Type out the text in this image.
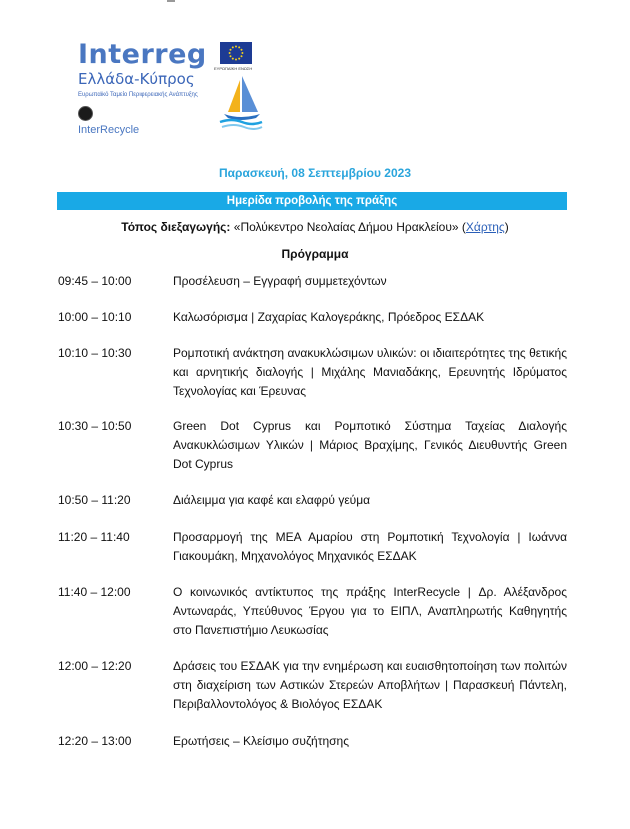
Interreg ΕΥΡΩΠΑΪΚΗ ΕΝΩΣΗ
Ελλάδα-Κύπρος
Ευρωπαϊκό Ταμείο Περιφερειακής Ανάπτυξης
InterRecycle
Παρασκευή, 08 Σεπτεμβρίου 2023
Ημερίδα προβολής της πράξης
Τόπος διεξαγωγής: «Πολύκεντρο Νεολαίας Δήμου Ηρακλείου» (Χάρτης)
Πρόγραμμα
09:45 – 10:00	Προσέλευση – Εγγραφή συμμετεχόντων
10:00 – 10:10	Καλωσόρισμα | Ζαχαρίας Καλογεράκης, Πρόεδρος ΕΣΔΑΚ
10:10 – 10:30	Ρομποτική ανάκτηση ανακυκλώσιμων υλικών: οι ιδιαιτερότητες της θετικής και αρνητικής διαλογής | Μιχάλης Μανιαδάκης, Ερευνητής Ιδρύματος Τεχνολογίας και Έρευνας
10:30 – 10:50	Green Dot Cyprus και Ρομποτικό Σύστημα Ταχείας Διαλογής Ανακυκλώσιμων Υλικών | Μάριος Βραχίμης, Γενικός Διευθυντής Green Dot Cyprus
10:50 – 11:20	Διάλειμμα για καφέ και ελαφρύ γεύμα
11:20 – 11:40	Προσαρμογή της ΜΕΑ Αμαρίου στη Ρομποτική Τεχνολογία | Ιωάννα Γιακουμάκη, Μηχανολόγος Μηχανικός ΕΣΔΑΚ
11:40 – 12:00	Ο κοινωνικός αντίκτυπος της πράξης InterRecycle | Δρ. Αλέξανδρος Αντωναράς, Υπεύθυνος Έργου για το ΕΙΠΛ, Αναπληρωτής Καθηγητής στο Πανεπιστήμιο Λευκωσίας
12:00 – 12:20	Δράσεις του ΕΣΔΑΚ για την ενημέρωση και ευαισθητοποίηση των πολιτών στη διαχείριση των Αστικών Στερεών Αποβλήτων | Παρασκευή Πάντελη, Περιβαλλοντολόγος & Βιολόγος ΕΣΔΑΚ
12:20 – 13:00	Ερωτήσεις – Κλείσιμο συζήτησης
